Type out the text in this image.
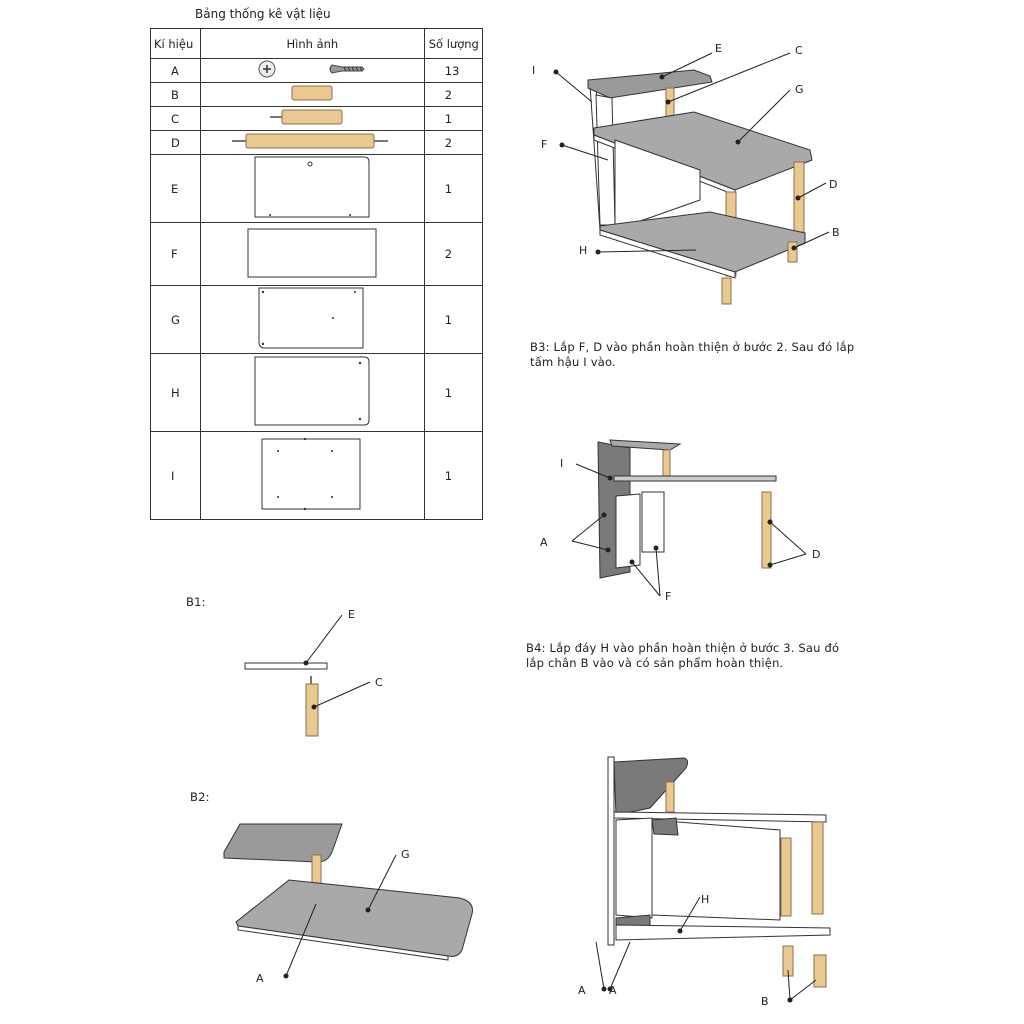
Bảng thống kê vật liệu
Kí hiệu	Hình ảnh	Số lượng
A		13
B		2
C		1
D		2
E		1
F		2
G		1
H		1
I		1
B1:
B2:
B3: Lắp F, D vào phần hoàn thiện ở bước 2. Sau đó lắp tấm hậu I vào.
B4: Lắp đáy H vào phần hoàn thiện ở bước 3. Sau đó lắp chân B vào và có sản phẩm hoàn thiện.
E	C
G
I
F
D
B
H
I
A
F
D
E
C
G
A
H
A A
B
